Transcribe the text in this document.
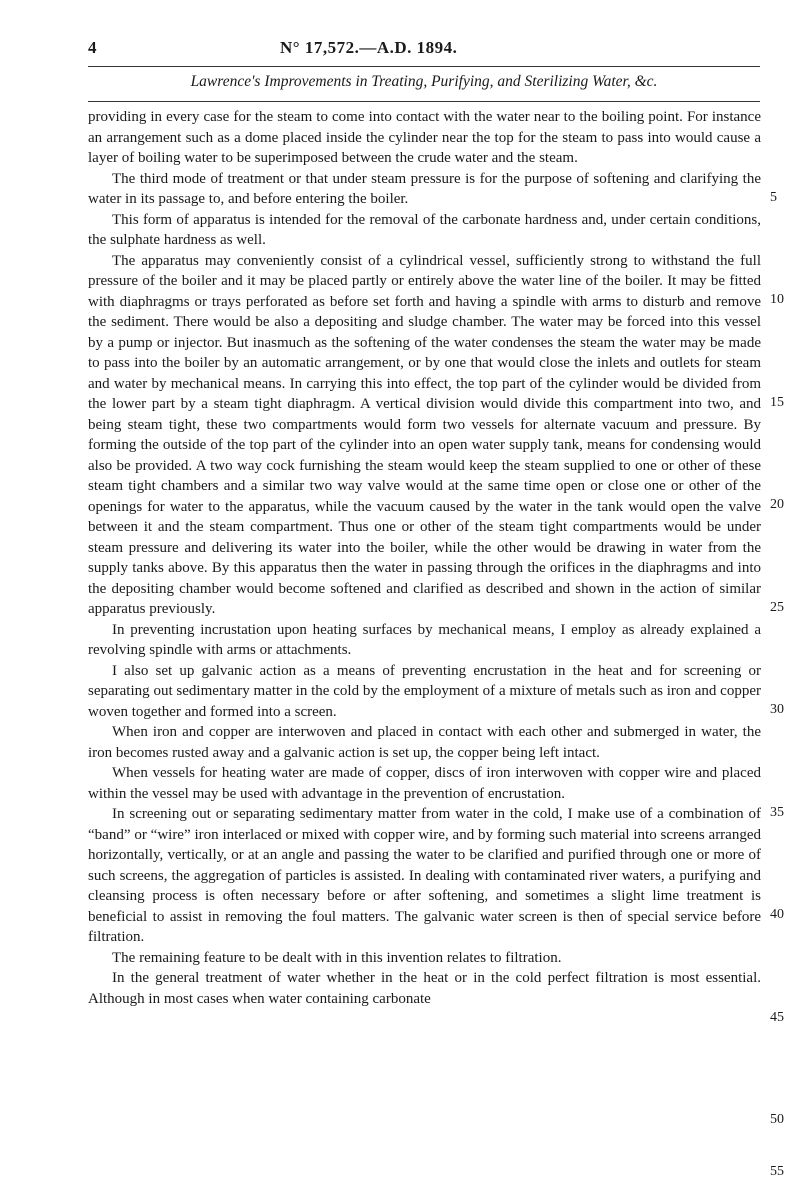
4	N° 17,572.—A.D. 1894.
Lawrence's Improvements in Treating, Purifying, and Sterilizing Water, &c.

providing in every case for the steam to come into contact with the water near to the boiling point. For instance an arrangement such as a dome placed inside the cylinder near the top for the steam to pass into would cause a layer of boiling water to be superimposed between the crude water and the steam.

The third mode of treatment or that under steam pressure is for the purpose of softening and clarifying the water in its passage to, and before entering the boiler.

This form of apparatus is intended for the removal of the carbonate hardness and, under certain conditions, the sulphate hardness as well.

The apparatus may conveniently consist of a cylindrical vessel, sufficiently strong to withstand the full pressure of the boiler and it may be placed partly or entirely above the water line of the boiler. It may be fitted with diaphragms or trays perforated as before set forth and having a spindle with arms to disturb and remove the sediment. There would be also a depositing and sludge chamber. The water may be forced into this vessel by a pump or injector. But inasmuch as the softening of the water condenses the steam the water may be made to pass into the boiler by an automatic arrangement, or by one that would close the inlets and outlets for steam and water by mechanical means. In carrying this into effect, the top part of the cylinder would be divided from the lower part by a steam tight diaphragm. A vertical division would divide this compartment into two, and being steam tight, these two compartments would form two vessels for alternate vacuum and pressure. By forming the outside of the top part of the cylinder into an open water supply tank, means for condensing would also be provided. A two way cock furnishing the steam would keep the steam supplied to one or other of these steam tight chambers and a similar two way valve would at the same time open or close one or other of the openings for water to the apparatus, while the vacuum caused by the water in the tank would open the valve between it and the steam compartment. Thus one or other of the steam tight compartments would be under steam pressure and delivering its water into the boiler, while the other would be drawing in water from the supply tanks above. By this apparatus then the water in passing through the orifices in the diaphragms and into the depositing chamber would become softened and clarified as described and shown in the action of similar apparatus previously.

In preventing incrustation upon heating surfaces by mechanical means, I employ as already explained a revolving spindle with arms or attachments.

I also set up galvanic action as a means of preventing encrustation in the heat and for screening or separating out sedimentary matter in the cold by the employment of a mixture of metals such as iron and copper woven together and formed into a screen.

When iron and copper are interwoven and placed in contact with each other and submerged in water, the iron becomes rusted away and a galvanic action is set up, the copper being left intact.

When vessels for heating water are made of copper, discs of iron interwoven with copper wire and placed within the vessel may be used with advantage in the prevention of encrustation.

In screening out or separating sedimentary matter from water in the cold, I make use of a combination of “band” or “wire” iron interlaced or mixed with copper wire, and by forming such material into screens arranged horizontally, vertically, or at an angle and passing the water to be clarified and purified through one or more of such screens, the aggregation of particles is assisted. In dealing with contaminated river waters, a purifying and cleansing process is often necessary before or after softening, and sometimes a slight lime treatment is beneficial to assist in removing the foul matters. The galvanic water screen is then of special service before filtration.

The remaining feature to be dealt with in this invention relates to filtration.

In the general treatment of water whether in the heat or in the cold perfect filtration is most essential. Although in most cases when water containing carbonate

5
10
15
20
25
30
35
40
45
50
55
